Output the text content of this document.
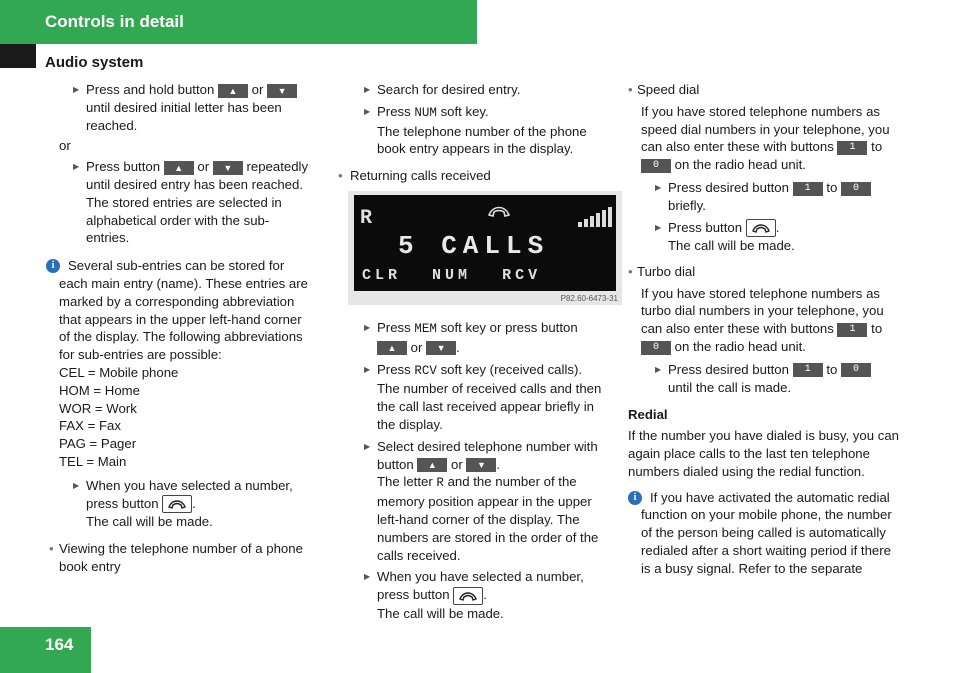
Controls in detail
Audio system

▶ Press and hold button ▲ or ▼
until desired initial letter has been
reached.

or

▶ Press button ▲ or ▼ repeatedly
until desired entry has been reached.
The stored entries are selected in
alphabetical order with the sub-
entries.

i	Several sub-entries can be stored for
each main entry (name). These entries are
marked by a corresponding abbreviation
that appears in the upper left-hand corner
of the display. The following abbreviations
for sub-entries are possible:

CEL = Mobile phone
HOM = Home
WOR = Work
FAX = Fax
PAG = Pager
TEL = Main

▶ When you have selected a number,
press button	.
The call will be made.

• Viewing the telephone number of a phone
book entry

▶ Search for desired entry.

▶ Press NUM soft key.
The telephone number of the phone
book entry appears in the display.

• Returning calls received

R
5 CALLS
CLR NUM RCV
P82.60-6473-31

▶ Press MEM soft key or press button
▲ or ▼ .

▶ Press RCV soft key (received calls).
The number of received calls and then
the call last received appear briefly in
the display.

▶ Select desired telephone number with
button ▲ or ▼ .
The letter R and the number of the
memory position appear in the upper
left-hand corner of the display. The
numbers are stored in the order of the
calls received.

▶ When you have selected a number,
press button	.
The call will be made.

• Speed dial

If you have stored telephone numbers as
speed dial numbers in your telephone, you
can also enter these with buttons 1 to
0 on the radio head unit.

▶ Press desired button 1 to 0
briefly.

▶ Press button	.
The call will be made.

• Turbo dial

If you have stored telephone numbers as
turbo dial numbers in your telephone, you
can also enter these with buttons 1 to
0 on the radio head unit.

▶ Press desired button 1 to 0
until the call is made.

Redial

If the number you have dialed is busy, you can
again place calls to the last ten telephone
numbers dialed using the redial function.

i	If you have activated the automatic redial
function on your mobile phone, the number
of the person being called is automatically
redialed after a short waiting period if there
is a busy signal. Refer to the separate

164
